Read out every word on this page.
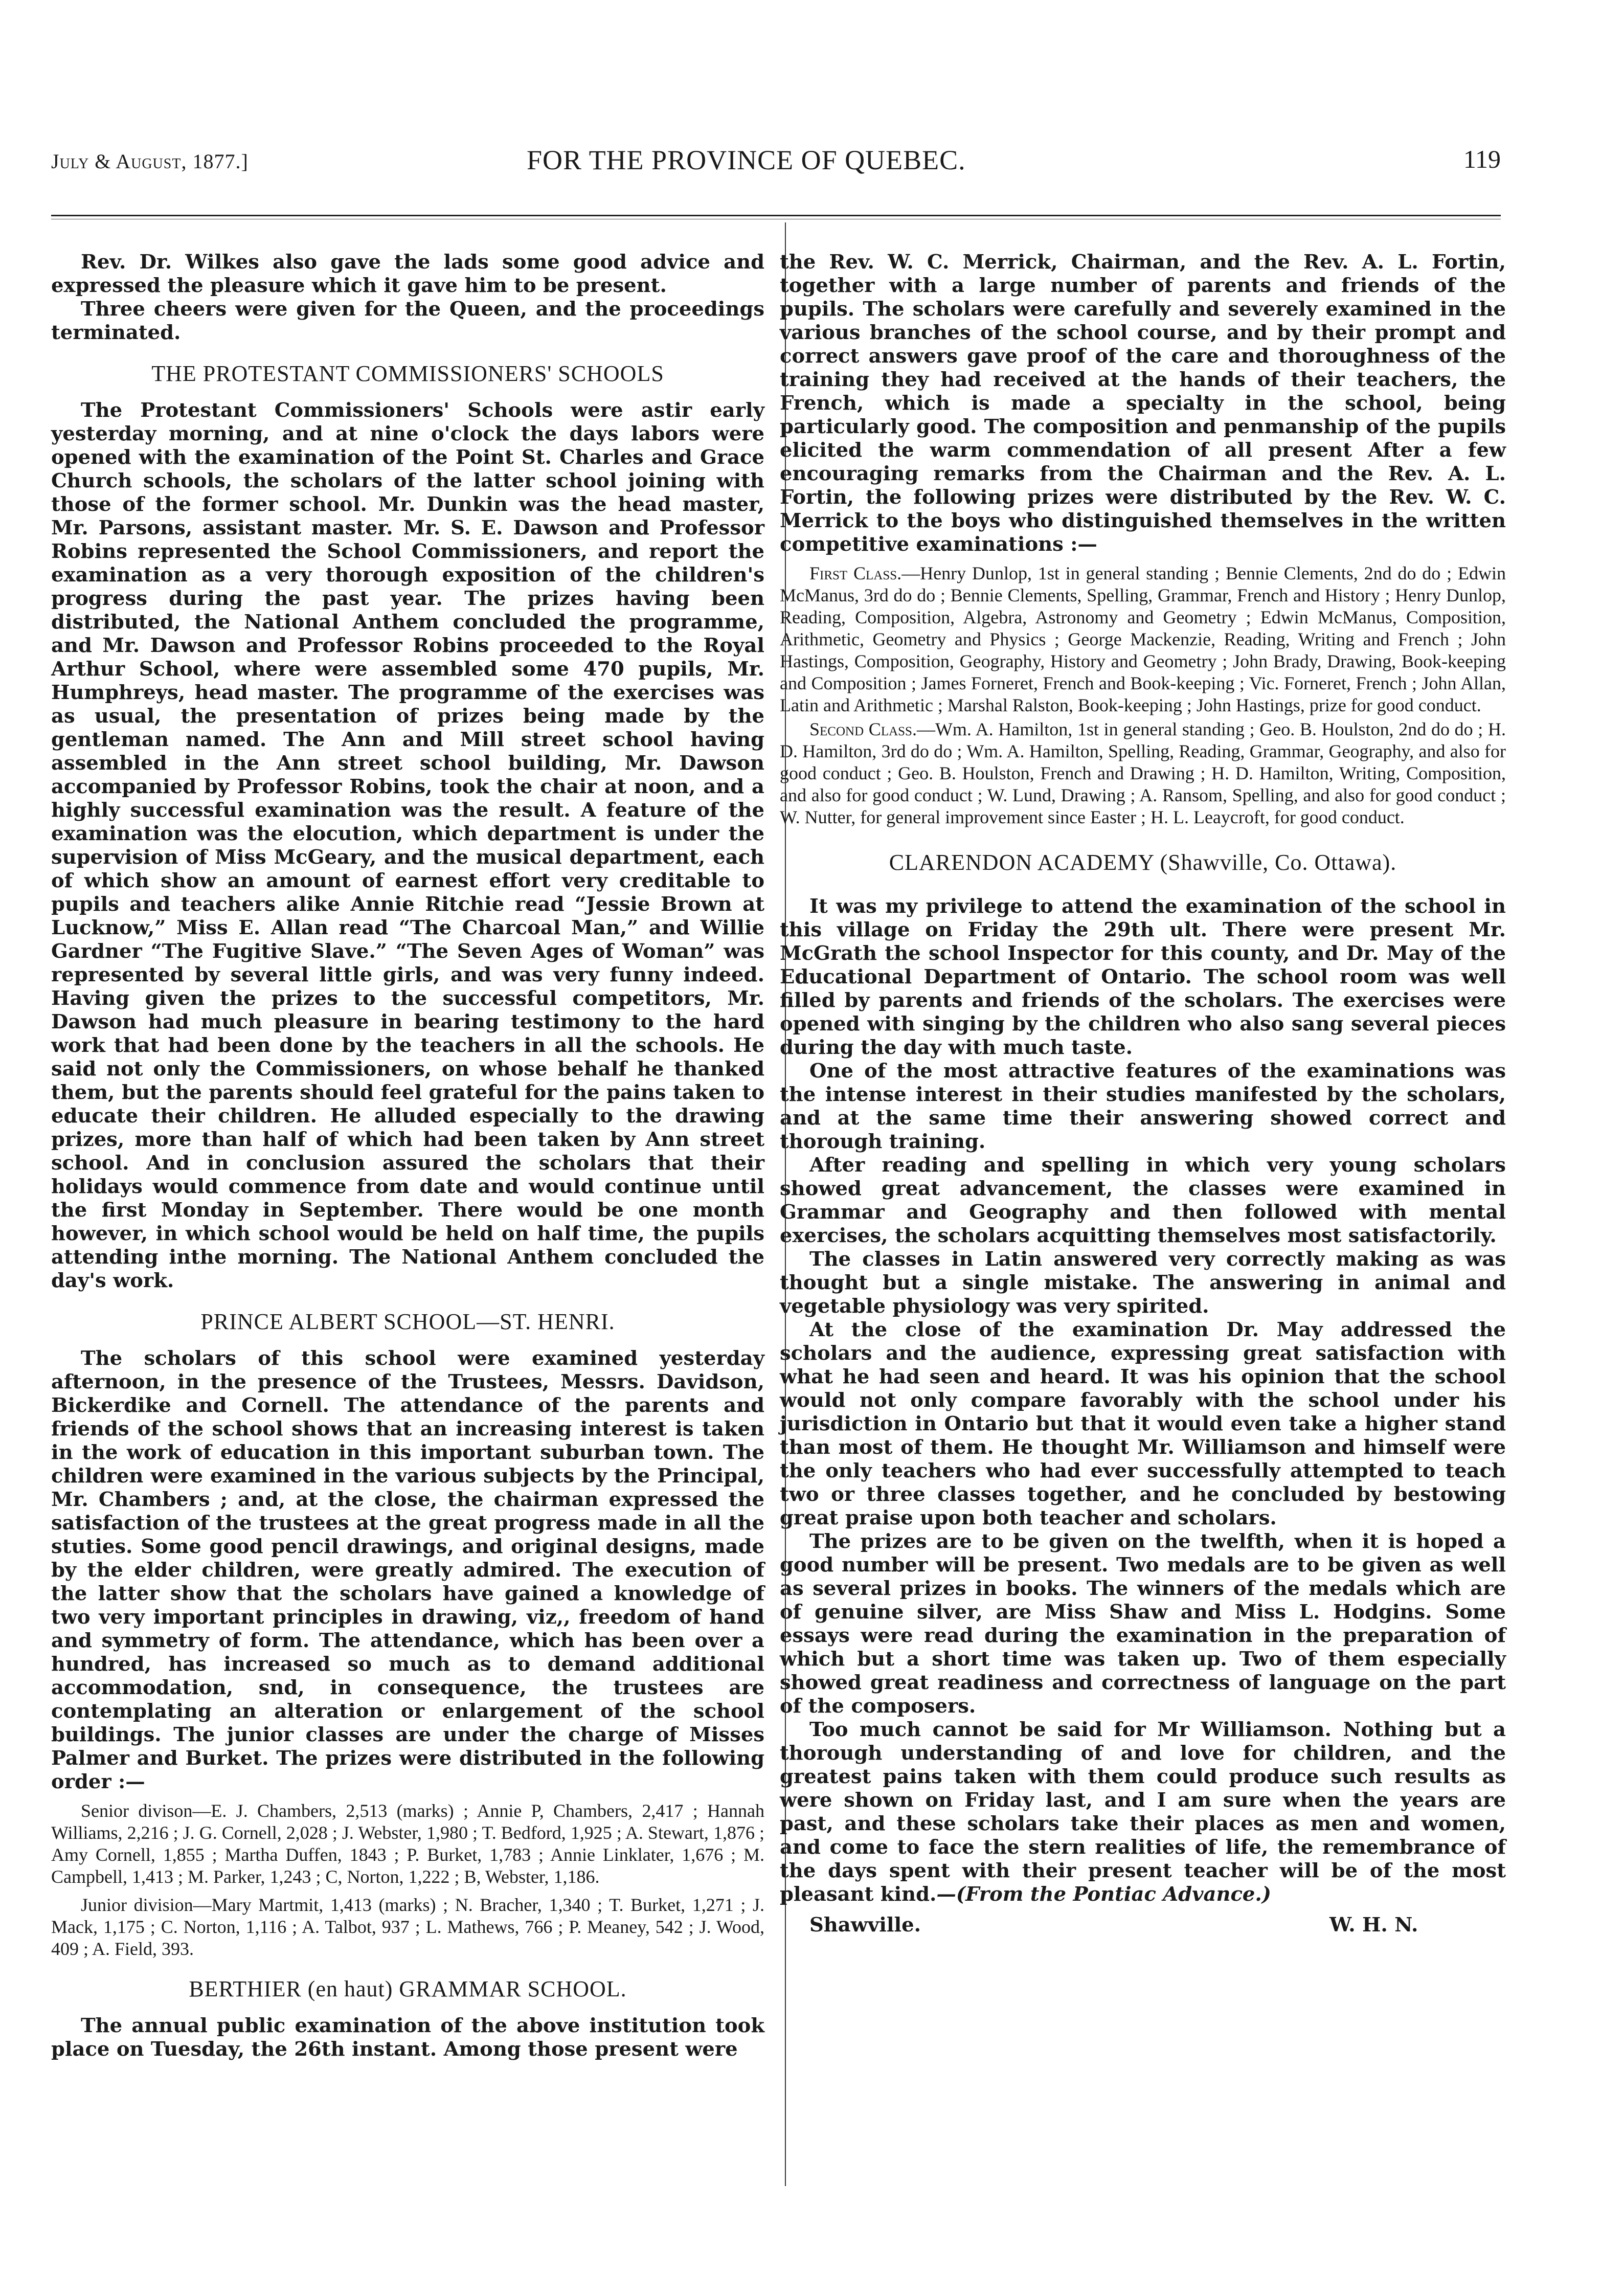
July & August, 1877.]	FOR THE PROVINCE OF QUEBEC.	119

Rev. Dr. Wilkes also gave the lads some good advice and expressed the pleasure which it gave him to be present.

Three cheers were given for the Queen, and the proceedings terminated.

THE PROTESTANT COMMISSIONERS' SCHOOLS

The Protestant Commissioners' Schools were astir early yesterday morning, and at nine o'clock the days labors were opened with the examination of the Point St. Charles and Grace Church schools, the scholars of the latter school joining with those of the former school. Mr. Dunkin was the head master, Mr. Parsons, assistant master. Mr. S. E. Dawson and Professor Robins represented the School Commissioners, and report the examination as a very thorough exposition of the children's progress during the past year. The prizes having been distributed, the National Anthem concluded the programme, and Mr. Dawson and Professor Robins proceeded to the Royal Arthur School, where were assembled some 470 pupils, Mr. Humphreys, head master. The programme of the exercises was as usual, the presentation of prizes being made by the gentleman named. The Ann and Mill street school having assembled in the Ann street school building, Mr. Dawson accompanied by Professor Robins, took the chair at noon, and a highly successful examination was the result. A feature of the examination was the elocution, which department is under the supervision of Miss McGeary, and the musical department, each of which show an amount of earnest effort very creditable to pupils and teachers alike Annie Ritchie read “Jessie Brown at Lucknow,” Miss E. Allan read “The Charcoal Man,” and Willie Gardner “The Fugitive Slave.” “The Seven Ages of Woman” was represented by several little girls, and was very funny indeed. Having given the prizes to the successful competitors, Mr. Dawson had much pleasure in bearing testimony to the hard work that had been done by the teachers in all the schools. He said not only the Commissioners, on whose behalf he thanked them, but the parents should feel grateful for the pains taken to educate their children. He alluded especially to the drawing prizes, more than half of which had been taken by Ann street school. And in conclusion assured the scholars that their holidays would commence from date and would continue until the first Monday in September. There would be one month however, in which school would be held on half time, the pupils attending inthe morning. The National Anthem concluded the day's work.

PRINCE ALBERT SCHOOL—ST. HENRI.

The scholars of this school were examined yesterday afternoon, in the presence of the Trustees, Messrs. Davidson, Bickerdike and Cornell. The attendance of the parents and friends of the school shows that an increasing interest is taken in the work of education in this important suburban town. The children were examined in the various subjects by the Principal, Mr. Chambers ; and, at the close, the chairman expressed the satisfaction of the trustees at the great progress made in all the stuties. Some good pencil drawings, and original designs, made by the elder children, were greatly admired. The execution of the latter show that the scholars have gained a knowledge of two very important principles in drawing, viz,, freedom of hand and symmetry of form. The attendance, which has been over a hundred, has increased so much as to demand additional accommodation, snd, in consequence, the trustees are contemplating an alteration or enlargement of the school buildings. The junior classes are under the charge of Misses Palmer and Burket. The prizes were distributed in the following order :—

Senior divison—E. J. Chambers, 2,513 (marks) ; Annie P, Chambers, 2,417 ; Hannah Williams, 2,216 ; J. G. Cornell, 2,028 ; J. Webster, 1,980 ; T. Bedford, 1,925 ; A. Stewart, 1,876 ; Amy Cornell, 1,855 ; Martha Duffen, 1843 ; P. Burket, 1,783 ; Annie Linklater, 1,676 ; M. Campbell, 1,413 ; M. Parker, 1,243 ; C, Norton, 1,222 ; B, Webster, 1,186.

Junior division—Mary Martmit, 1,413 (marks) ; N. Bracher, 1,340 ; T. Burket, 1,271 ; J. Mack, 1,175 ; C. Norton, 1,116 ; A. Talbot, 937 ; L. Mathews, 766 ; P. Meaney, 542 ; J. Wood, 409 ; A. Field, 393.

BERTHIER (en haut) GRAMMAR SCHOOL.

The annual public examination of the above institution took place on Tuesday, the 26th instant. Among those present were

the Rev. W. C. Merrick, Chairman, and the Rev. A. L. Fortin, together with a large number of parents and friends of the pupils. The scholars were carefully and severely examined in the various branches of the school course, and by their prompt and correct answers gave proof of the care and thoroughness of the training they had received at the hands of their teachers, the French, which is made a specialty in the school, being particularly good. The composition and penmanship of the pupils elicited the warm commendation of all present After a few encouraging remarks from the Chairman and the Rev. A. L. Fortin, the following prizes were distributed by the Rev. W. C. Merrick to the boys who distinguished themselves in the written competitive examinations :—

First Class.—Henry Dunlop, 1st in general standing ; Bennie Clements, 2nd do do ; Edwin McManus, 3rd do do ; Bennie Clements, Spelling, Grammar, French and History ; Henry Dunlop, Reading, Composition, Algebra, Astronomy and Geometry ; Edwin McManus, Composition, Arithmetic, Geometry and Physics ; George Mackenzie, Reading, Writing and French ; John Hastings, Composition, Geography, History and Geometry ; John Brady, Drawing, Book-keeping and Composition ; James Forneret, French and Book-keeping ; Vic. Forneret, French ; John Allan, Latin and Arithmetic ; Marshal Ralston, Book-keeping ; John Hastings, prize for good conduct.

Second Class.—Wm. A. Hamilton, 1st in general standing ; Geo. B. Houlston, 2nd do do ; H. D. Hamilton, 3rd do do ; Wm. A. Hamilton, Spelling, Reading, Grammar, Geography, and also for good conduct ; Geo. B. Houlston, French and Drawing ; H. D. Hamilton, Writing, Composition, and also for good conduct ; W. Lund, Drawing ; A. Ransom, Spelling, and also for good conduct ; W. Nutter, for general improvement since Easter ; H. L. Leaycroft, for good conduct.

CLARENDON ACADEMY (Shawville, Co. Ottawa).

It was my privilege to attend the examination of the school in this village on Friday the 29th ult. There were present Mr. McGrath the school Inspector for this county, and Dr. May of the Educational Department of Ontario. The school room was well filled by parents and friends of the scholars. The exercises were opened with singing by the children who also sang several pieces during the day with much taste.

One of the most attractive features of the examinations was the intense interest in their studies manifested by the scholars, and at the same time their answering showed correct and thorough training.

After reading and spelling in which very young scholars showed great advancement, the classes were examined in Grammar and Geography and then followed with mental exercises, the scholars acquitting themselves most satisfactorily.

The classes in Latin answered very correctly making as was thought but a single mistake. The answering in animal and vegetable physiology was very spirited.

At the close of the examination Dr. May addressed the scholars and the audience, expressing great satisfaction with what he had seen and heard. It was his opinion that the school would not only compare favorably with the school under his jurisdiction in Ontario but that it would even take a higher stand than most of them. He thought Mr. Williamson and himself were the only teachers who had ever successfully attempted to teach two or three classes together, and he concluded by bestowing great praise upon both teacher and scholars.

The prizes are to be given on the twelfth, when it is hoped a good number will be present. Two medals are to be given as well as several prizes in books. The winners of the medals which are of genuine silver, are Miss Shaw and Miss L. Hodgins. Some essays were read during the examination in the preparation of which but a short time was taken up. Two of them especially showed great readiness and correctness of language on the part of the composers.

Too much cannot be said for Mr Williamson. Nothing but a thorough understanding of and love for children, and the greatest pains taken with them could produce such results as were shown on Friday last, and I am sure when the years are past, and these scholars take their places as men and women, and come to face the stern realities of life, the remembrance of the days spent with their present teacher will be of the most pleasant kind.—(From the Pontiac Advance.)

Shawville.	W. H. N.
